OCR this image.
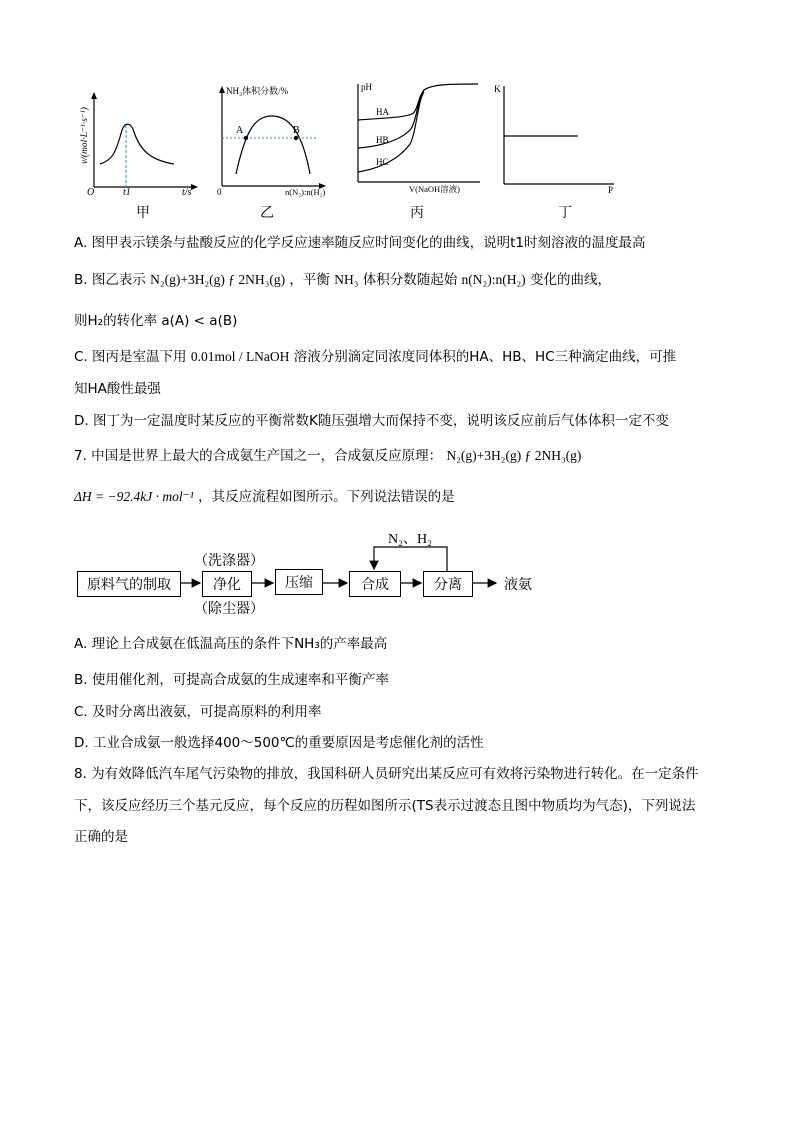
v/(mol·L⁻¹·s⁻¹)
O	t1	t/s
甲
NH₃体积分数/%
A	B
0	n(N₂):n(H₂)
乙
pH
HA
HB
HC
V(NaOH溶液)
丙
K
P
丁
A. 图甲表示镁条与盐酸反应的化学反应速率随反应时间变化的曲线，说明t1时刻溶液的温度最高
B. 图乙表示 N₂(g)+3H₂(g) ƒ 2NH₃(g) ，平衡 NH₃ 体积分数随起始 n(N₂):n(H₂) 变化的曲线，
则H₂的转化率 a(A) < a(B)
C. 图丙是室温下用 0.01mol / LNaOH 溶液分别滴定同浓度同体积的HA、HB、HC三种滴定曲线，可推
知HA酸性最强
D. 图丁为一定温度时某反应的平衡常数K随压强增大而保持不变，说明该反应前后气体体积一定不变
7. 中国是世界上最大的合成氨生产国之一，合成氨反应原理： N₂(g)+3H₂(g) ƒ 2NH₃(g)
ΔH = −92.4kJ · mol⁻¹ ，其反应流程如图所示。下列说法错误的是
原料气的制取
（洗涤器）
净化
（除尘器）
压缩	合成	分离	液氨
N₂、H₂
A. 理论上合成氨在低温高压的条件下NH₃的产率最高
B. 使用催化剂，可提高合成氨的生成速率和平衡产率
C. 及时分离出液氨，可提高原料的利用率
D. 工业合成氨一般选择400～500℃的重要原因是考虑催化剂的活性
8. 为有效降低汽车尾气污染物的排放，我国科研人员研究出某反应可有效将污染物进行转化。在一定条件
下，该反应经历三个基元反应，每个反应的历程如图所示(TS表示过渡态且图中物质均为气态)，下列说法
正确的是
